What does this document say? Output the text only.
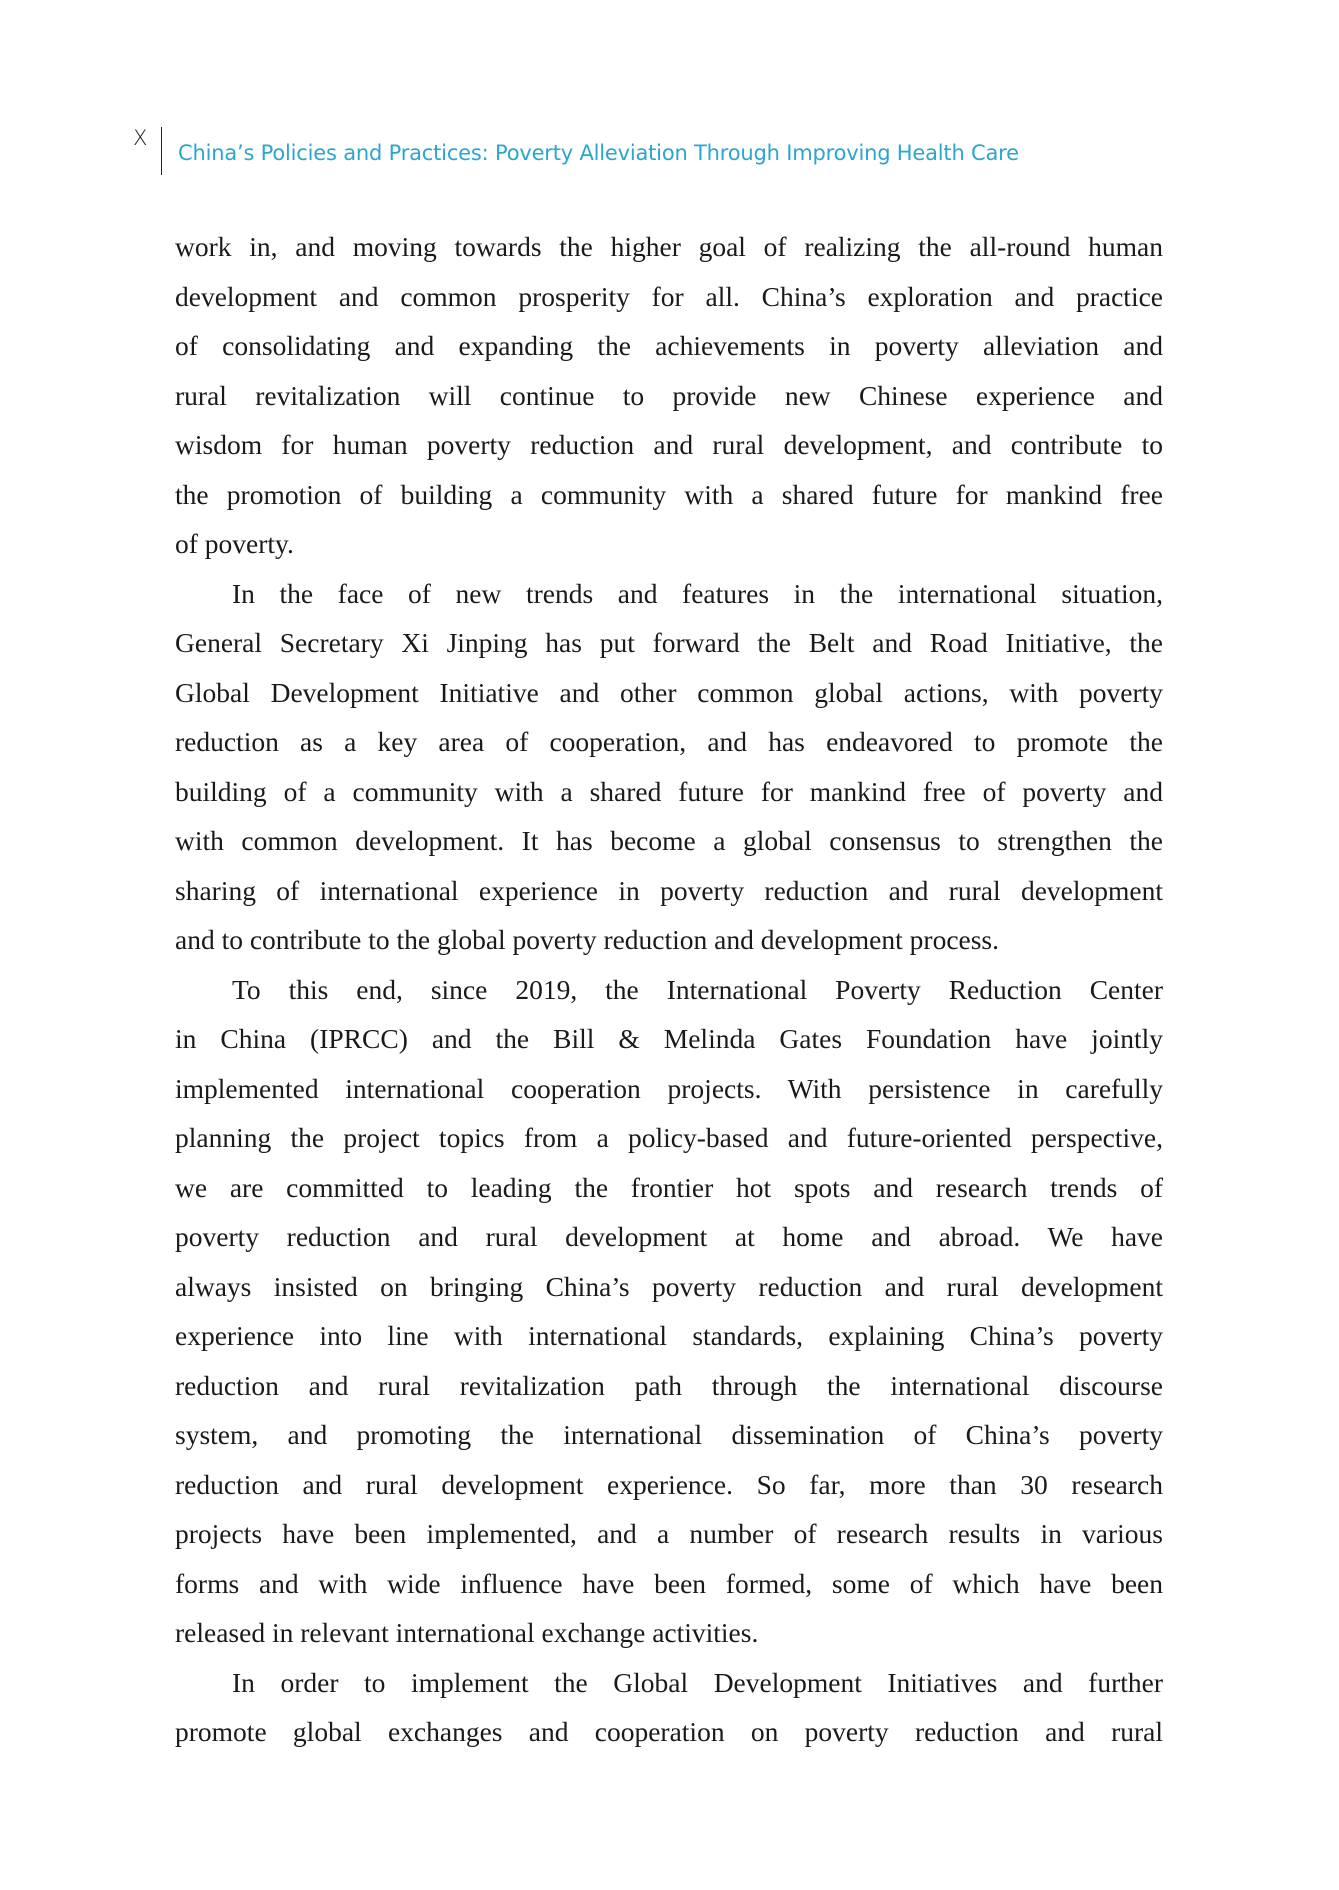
X
China’s Policies and Practices: Poverty Alleviation Through Improving Health Care
work in, and moving towards the higher goal of realizing the all-round human
development and common prosperity for all. China’s exploration and practice
of consolidating and expanding the achievements in poverty alleviation and
rural revitalization will continue to provide new Chinese experience and
wisdom for human poverty reduction and rural development, and contribute to
the promotion of building a community with a shared future for mankind free
of poverty.
In the face of new trends and features in the international situation,
General Secretary Xi Jinping has put forward the Belt and Road Initiative, the
Global Development Initiative and other common global actions, with poverty
reduction as a key area of cooperation, and has endeavored to promote the
building of a community with a shared future for mankind free of poverty and
with common development. It has become a global consensus to strengthen the
sharing of international experience in poverty reduction and rural development
and to contribute to the global poverty reduction and development process.
To this end, since 2019, the International Poverty Reduction Center
in China (IPRCC) and the Bill & Melinda Gates Foundation have jointly
implemented international cooperation projects. With persistence in carefully
planning the project topics from a policy-based and future-oriented perspective,
we are committed to leading the frontier hot spots and research trends of
poverty reduction and rural development at home and abroad. We have
always insisted on bringing China’s poverty reduction and rural development
experience into line with international standards, explaining China’s poverty
reduction and rural revitalization path through the international discourse
system, and promoting the international dissemination of China’s poverty
reduction and rural development experience. So far, more than 30 research
projects have been implemented, and a number of research results in various
forms and with wide influence have been formed, some of which have been
released in relevant international exchange activities.
In order to implement the Global Development Initiatives and further
promote global exchanges and cooperation on poverty reduction and rural
